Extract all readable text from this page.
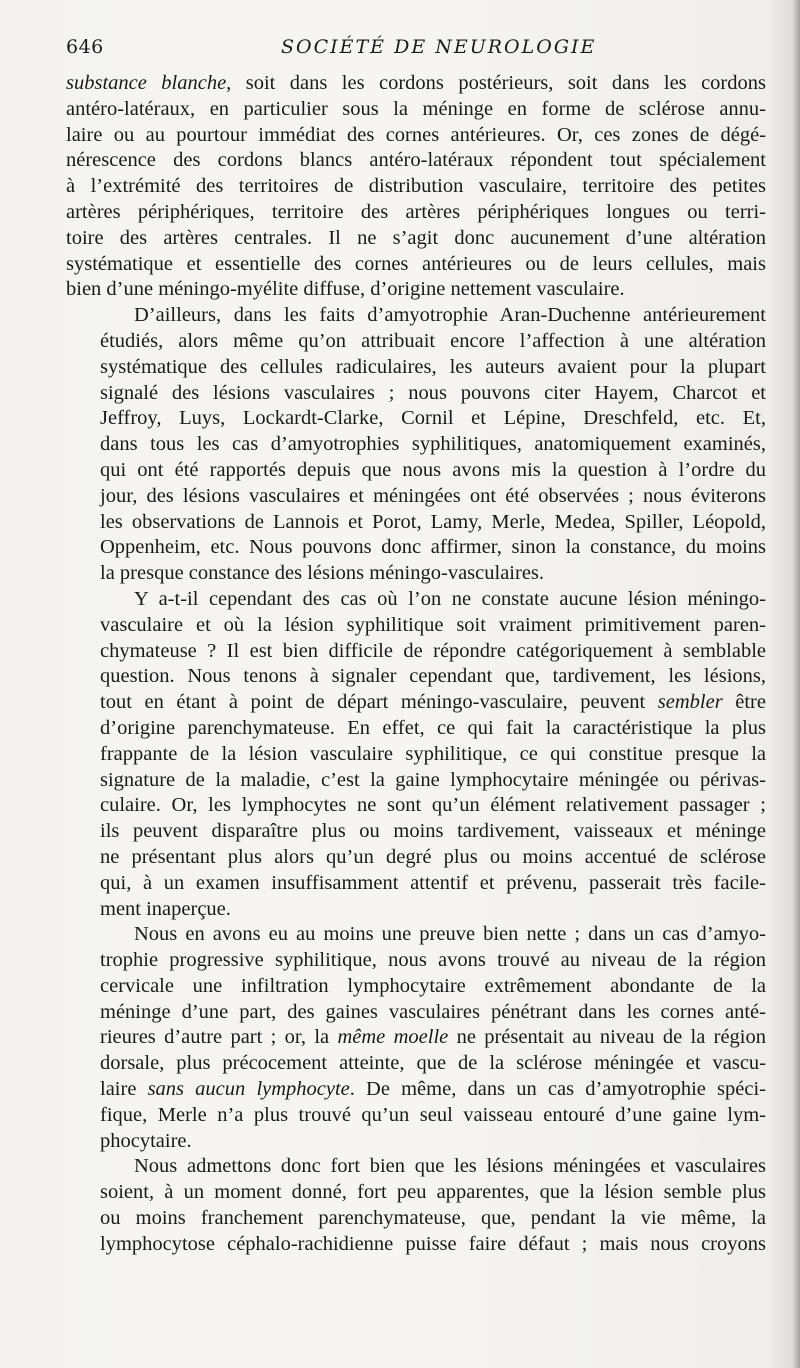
646	SOCIÉTÉ DE NEUROLOGIE

substance blanche, soit dans les cordons postérieurs, soit dans les cordons
antéro-latéraux, en particulier sous la méninge en forme de sclérose annu-
laire ou au pourtour immédiat des cornes antérieures. Or, ces zones de dégé-
nérescence des cordons blancs antéro-latéraux répondent tout spécialement
à l’extrémité des territoires de distribution vasculaire, territoire des petites
artères périphériques, territoire des artères périphériques longues ou terri-
toire des artères centrales. Il ne s’agit donc aucunement d’une altération
systématique et essentielle des cornes antérieures ou de leurs cellules, mais
bien d’une méningo-myélite diffuse, d’origine nettement vasculaire.

D’ailleurs, dans les faits d’amyotrophie Aran-Duchenne antérieurement
étudiés, alors même qu’on attribuait encore l’affection à une altération
systématique des cellules radiculaires, les auteurs avaient pour la plupart
signalé des lésions vasculaires ; nous pouvons citer Hayem, Charcot et
Jeffroy, Luys, Lockardt-Clarke, Cornil et Lépine, Dreschfeld, etc. Et,
dans tous les cas d’amyotrophies syphilitiques, anatomiquement examinés,
qui ont été rapportés depuis que nous avons mis la question à l’ordre du
jour, des lésions vasculaires et méningées ont été observées ; nous éviterons
les observations de Lannois et Porot, Lamy, Merle, Medea, Spiller, Léopold,
Oppenheim, etc. Nous pouvons donc affirmer, sinon la constance, du moins
la presque constance des lésions méningo-vasculaires.

Y a-t-il cependant des cas où l’on ne constate aucune lésion méningo-
vasculaire et où la lésion syphilitique soit vraiment primitivement paren-
chymateuse ? Il est bien difficile de répondre catégoriquement à semblable
question. Nous tenons à signaler cependant que, tardivement, les lésions,
tout en étant à point de départ méningo-vasculaire, peuvent sembler être
d’origine parenchymateuse. En effet, ce qui fait la caractéristique la plus
frappante de la lésion vasculaire syphilitique, ce qui constitue presque la
signature de la maladie, c’est la gaine lymphocytaire méningée ou périvas-
culaire. Or, les lymphocytes ne sont qu’un élément relativement passager ;
ils peuvent disparaître plus ou moins tardivement, vaisseaux et méninge
ne présentant plus alors qu’un degré plus ou moins accentué de sclérose
qui, à un examen insuffisamment attentif et prévenu, passerait très facile-
ment inaperçue.

Nous en avons eu au moins une preuve bien nette ; dans un cas d’amyo-
trophie progressive syphilitique, nous avons trouvé au niveau de la région
cervicale une infiltration lymphocytaire extrêmement abondante de la
méninge d’une part, des gaines vasculaires pénétrant dans les cornes anté-
rieures d’autre part ; or, la même moelle ne présentait au niveau de la région
dorsale, plus précocement atteinte, que de la sclérose méningée et vascu-
laire sans aucun lymphocyte. De même, dans un cas d’amyotrophie spéci-
fique, Merle n’a plus trouvé qu’un seul vaisseau entouré d’une gaine lym-
phocytaire.

Nous admettons donc fort bien que les lésions méningées et vasculaires
soient, à un moment donné, fort peu apparentes, que la lésion semble plus
ou moins franchement parenchymateuse, que, pendant la vie même, la
lymphocytose céphalo-rachidienne puisse faire défaut ; mais nous croyons
